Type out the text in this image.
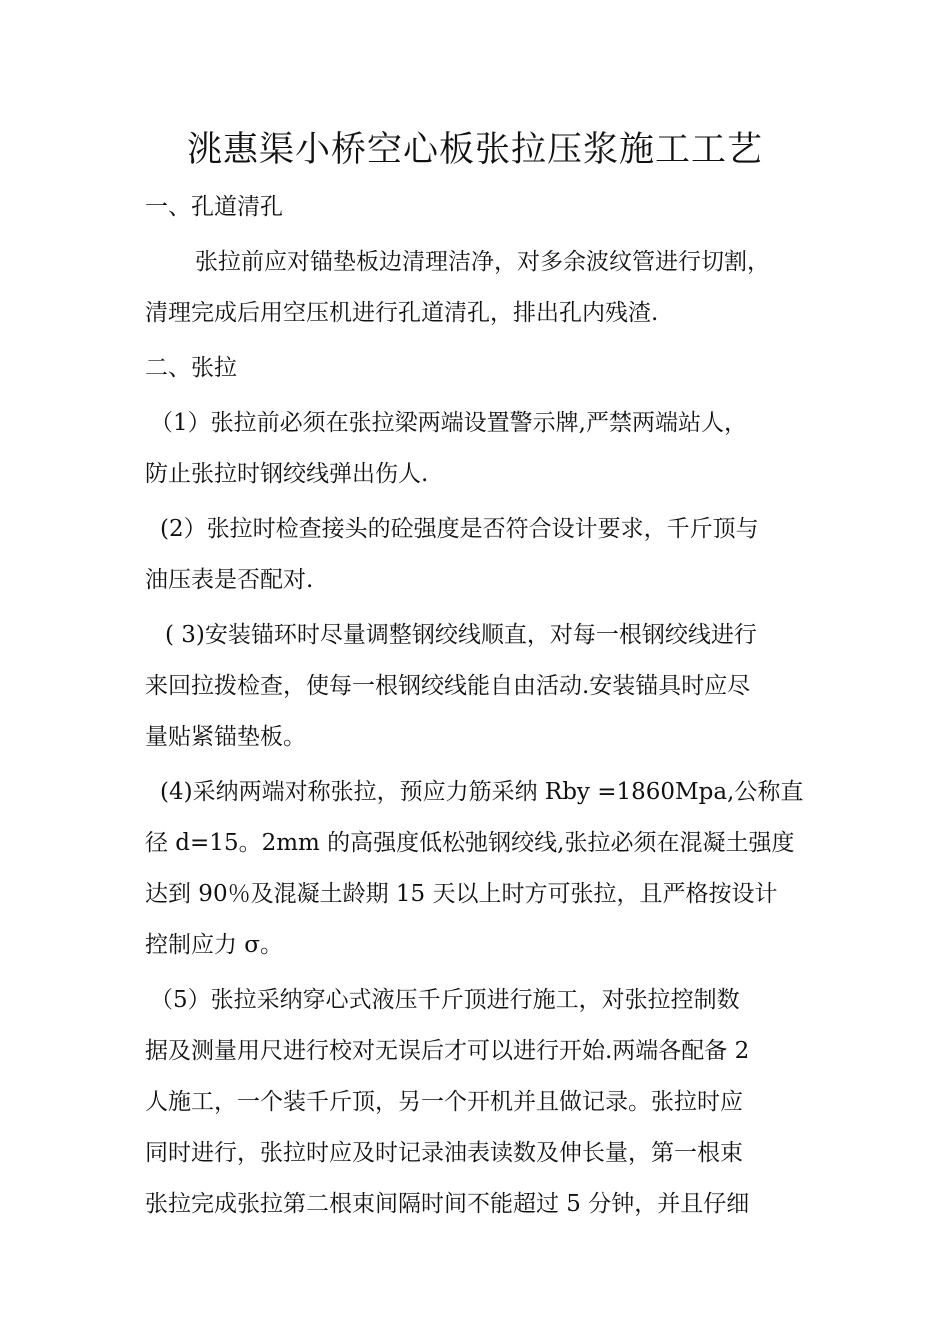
洮惠渠小桥空心板张拉压浆施工工艺
一、孔道清孔
张拉前应对锚垫板边清理洁净，对多余波纹管进行切割，
清理完成后用空压机进行孔道清孔，排出孔内残渣.
二、张拉
（1）张拉前必须在张拉梁两端设置警示牌,严禁两端站人，
防止张拉时钢绞线弹出伤人.
(2）张拉时检查接头的砼强度是否符合设计要求，千斤顶与
油压表是否配对.
( 3)安装锚环时尽量调整钢绞线顺直，对每一根钢绞线进行
来回拉拨检查，使每一根钢绞线能自由活动.安装锚具时应尽
量贴紧锚垫板。
(4)采纳两端对称张拉，预应力筋采纳 Rby =1860Mpa,公称直
径 d=15。2mm 的高强度低松弛钢绞线,张拉必须在混凝土强度
达到 90％及混凝土龄期 15 天以上时方可张拉，且严格按设计
控制应力 σ。
（5）张拉采纳穿心式液压千斤顶进行施工，对张拉控制数
据及测量用尺进行校对无误后才可以进行开始.两端各配备 2
人施工，一个装千斤顶，另一个开机并且做记录。张拉时应
同时进行，张拉时应及时记录油表读数及伸长量，第一根束
张拉完成张拉第二根束间隔时间不能超过 5 分钟，并且仔细
